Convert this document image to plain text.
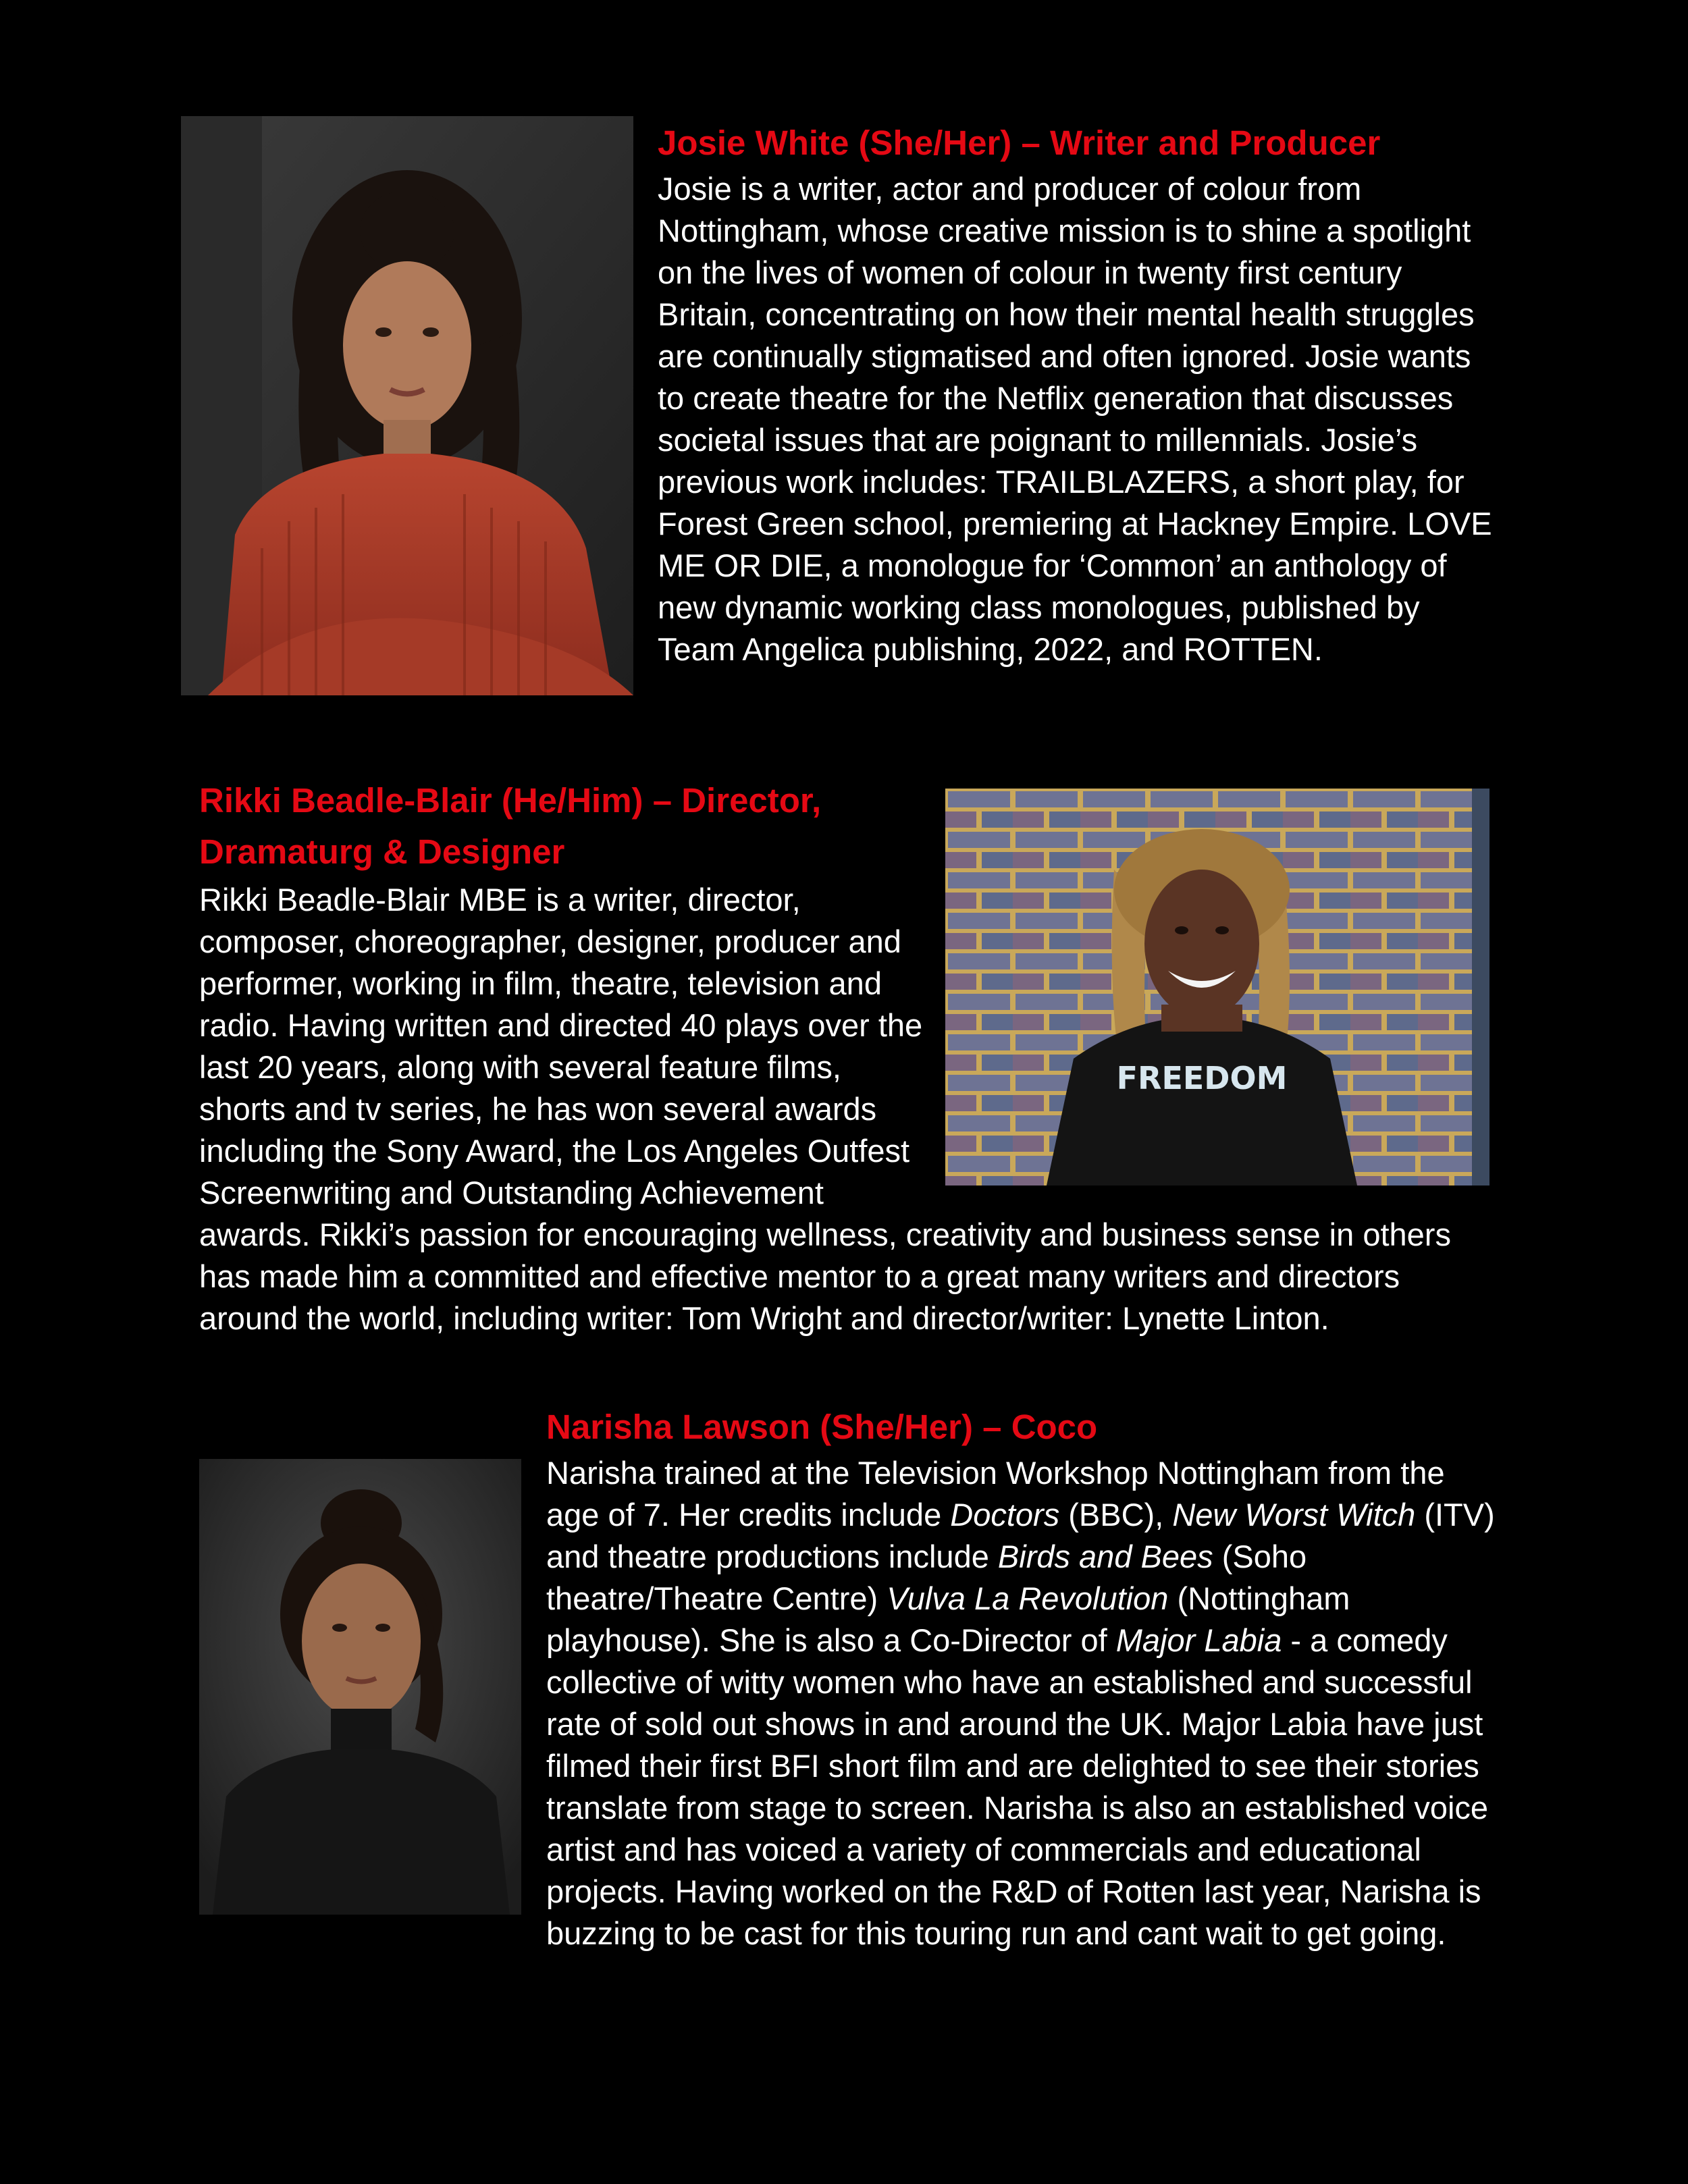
Josie White (She/Her) – Writer and Producer

Josie is a writer, actor and producer of colour from Nottingham, whose creative mission is to shine a spotlight on the lives of women of colour in twenty first century Britain, concentrating on how their mental health struggles are continually stigmatised and often ignored. Josie wants to create theatre for the Netflix generation that discusses societal issues that are poignant to millennials. Josie’s previous work includes: TRAILBLAZERS, a short play, for Forest Green school, premiering at Hackney Empire. LOVE ME OR DIE, a monologue for ‘Common’ an anthology of new dynamic working class monologues, published by Team Angelica publishing, 2022, and ROTTEN.

Rikki Beadle-Blair (He/Him) – Director,
Dramaturg & Designer
FREEDOM

Rikki Beadle-Blair MBE is a writer, director, composer, choreographer, designer, producer and performer, working in film, theatre, television and radio. Having written and directed 40 plays over the last 20 years, along with several feature films, shorts and tv series, he has won several awards including the Sony Award, the Los Angeles Outfest Screenwriting and Outstanding Achievement

awards. Rikki’s passion for encouraging wellness, creativity and business sense in others has made him a committed and effective mentor to a great many writers and directors around the world, including writer: Tom Wright and director/writer: Lynette Linton.

Narisha Lawson (She/Her) – Coco

Narisha trained at the Television Workshop Nottingham from the age of 7. Her credits include Doctors (BBC), New Worst Witch (ITV) and theatre productions include Birds and Bees (Soho theatre/Theatre Centre) Vulva La Revolution (Nottingham playhouse). She is also a Co-Director of Major Labia - a comedy collective of witty women who have an established and successful rate of sold out shows in and around the UK. Major Labia have just filmed their first BFI short film and are delighted to see their stories translate from stage to screen. Narisha is also an established voice artist and has voiced a variety of commercials and educational projects. Having worked on the R&D of Rotten last year, Narisha is buzzing to be cast for this touring run and cant wait to get going.
